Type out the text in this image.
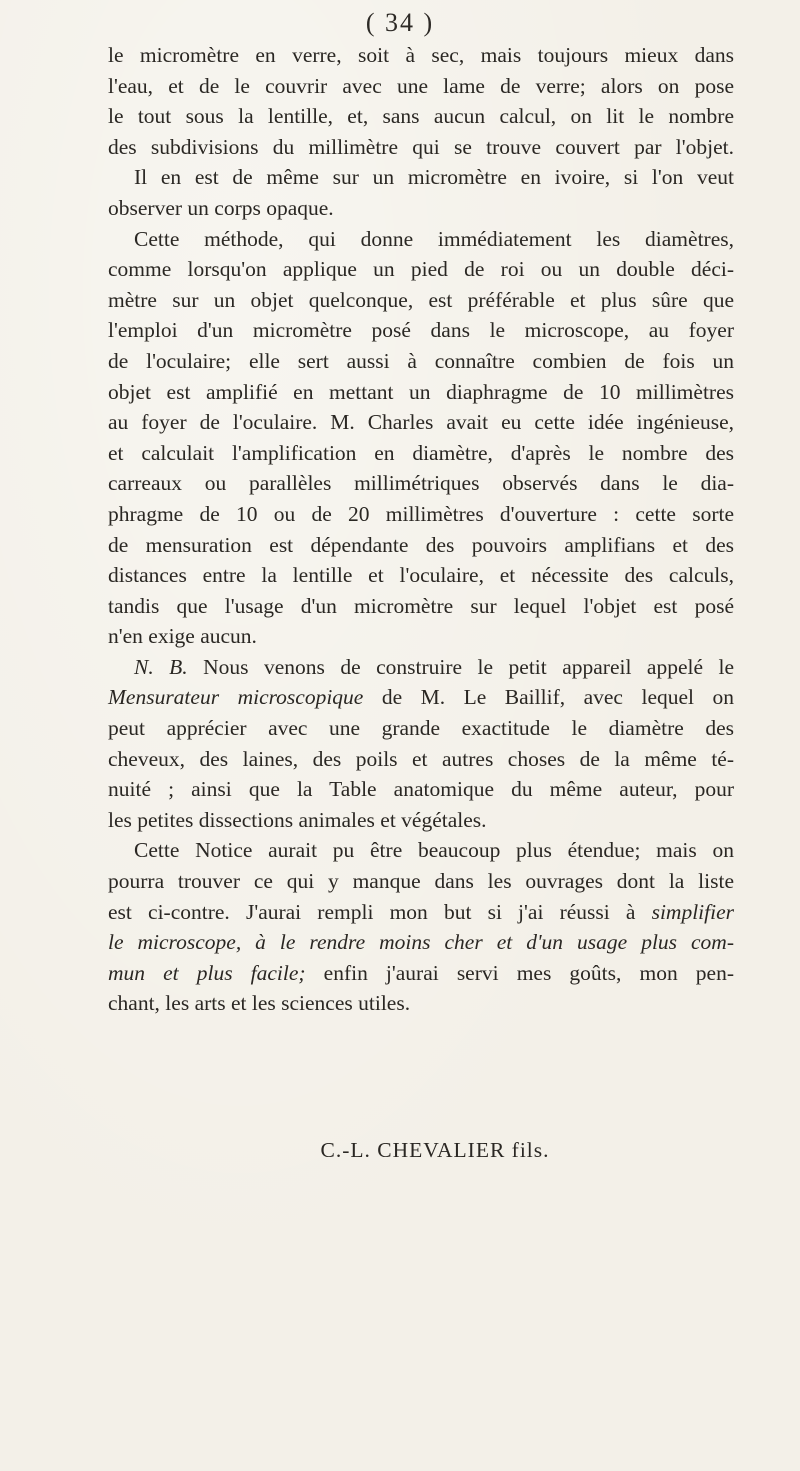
( 34 )
le micromètre en verre, soit à sec, mais toujours mieux dans
l'eau, et de le couvrir avec une lame de verre; alors on pose
le tout sous la lentille, et, sans aucun calcul, on lit le nombre
des subdivisions du millimètre qui se trouve couvert par l'objet.
Il en est de même sur un micromètre en ivoire, si l'on veut
observer un corps opaque.
Cette méthode, qui donne immédiatement les diamètres,
comme lorsqu'on applique un pied de roi ou un double déci-
mètre sur un objet quelconque, est préférable et plus sûre que
l'emploi d'un micromètre posé dans le microscope, au foyer
de l'oculaire; elle sert aussi à connaître combien de fois un
objet est amplifié en mettant un diaphragme de 10 millimètres
au foyer de l'oculaire. M. Charles avait eu cette idée ingénieuse,
et calculait l'amplification en diamètre, d'après le nombre des
carreaux ou parallèles millimétriques observés dans le dia-
phragme de 10 ou de 20 millimètres d'ouverture : cette sorte
de mensuration est dépendante des pouvoirs amplifians et des
distances entre la lentille et l'oculaire, et nécessite des calculs,
tandis que l'usage d'un micromètre sur lequel l'objet est posé
n'en exige aucun.
N. B. Nous venons de construire le petit appareil appelé le
Mensurateur microscopique de M. Le Baillif, avec lequel on
peut apprécier avec une grande exactitude le diamètre des
cheveux, des laines, des poils et autres choses de la même té-
nuité ; ainsi que la Table anatomique du même auteur, pour
les petites dissections animales et végétales.
Cette Notice aurait pu être beaucoup plus étendue; mais on
pourra trouver ce qui y manque dans les ouvrages dont la liste
est ci-contre. J'aurai rempli mon but si j'ai réussi à simplifier
le microscope, à le rendre moins cher et d'un usage plus com-
mun et plus facile; enfin j'aurai servi mes goûts, mon pen-
chant, les arts et les sciences utiles.
C.-L. CHEVALIER fils.
